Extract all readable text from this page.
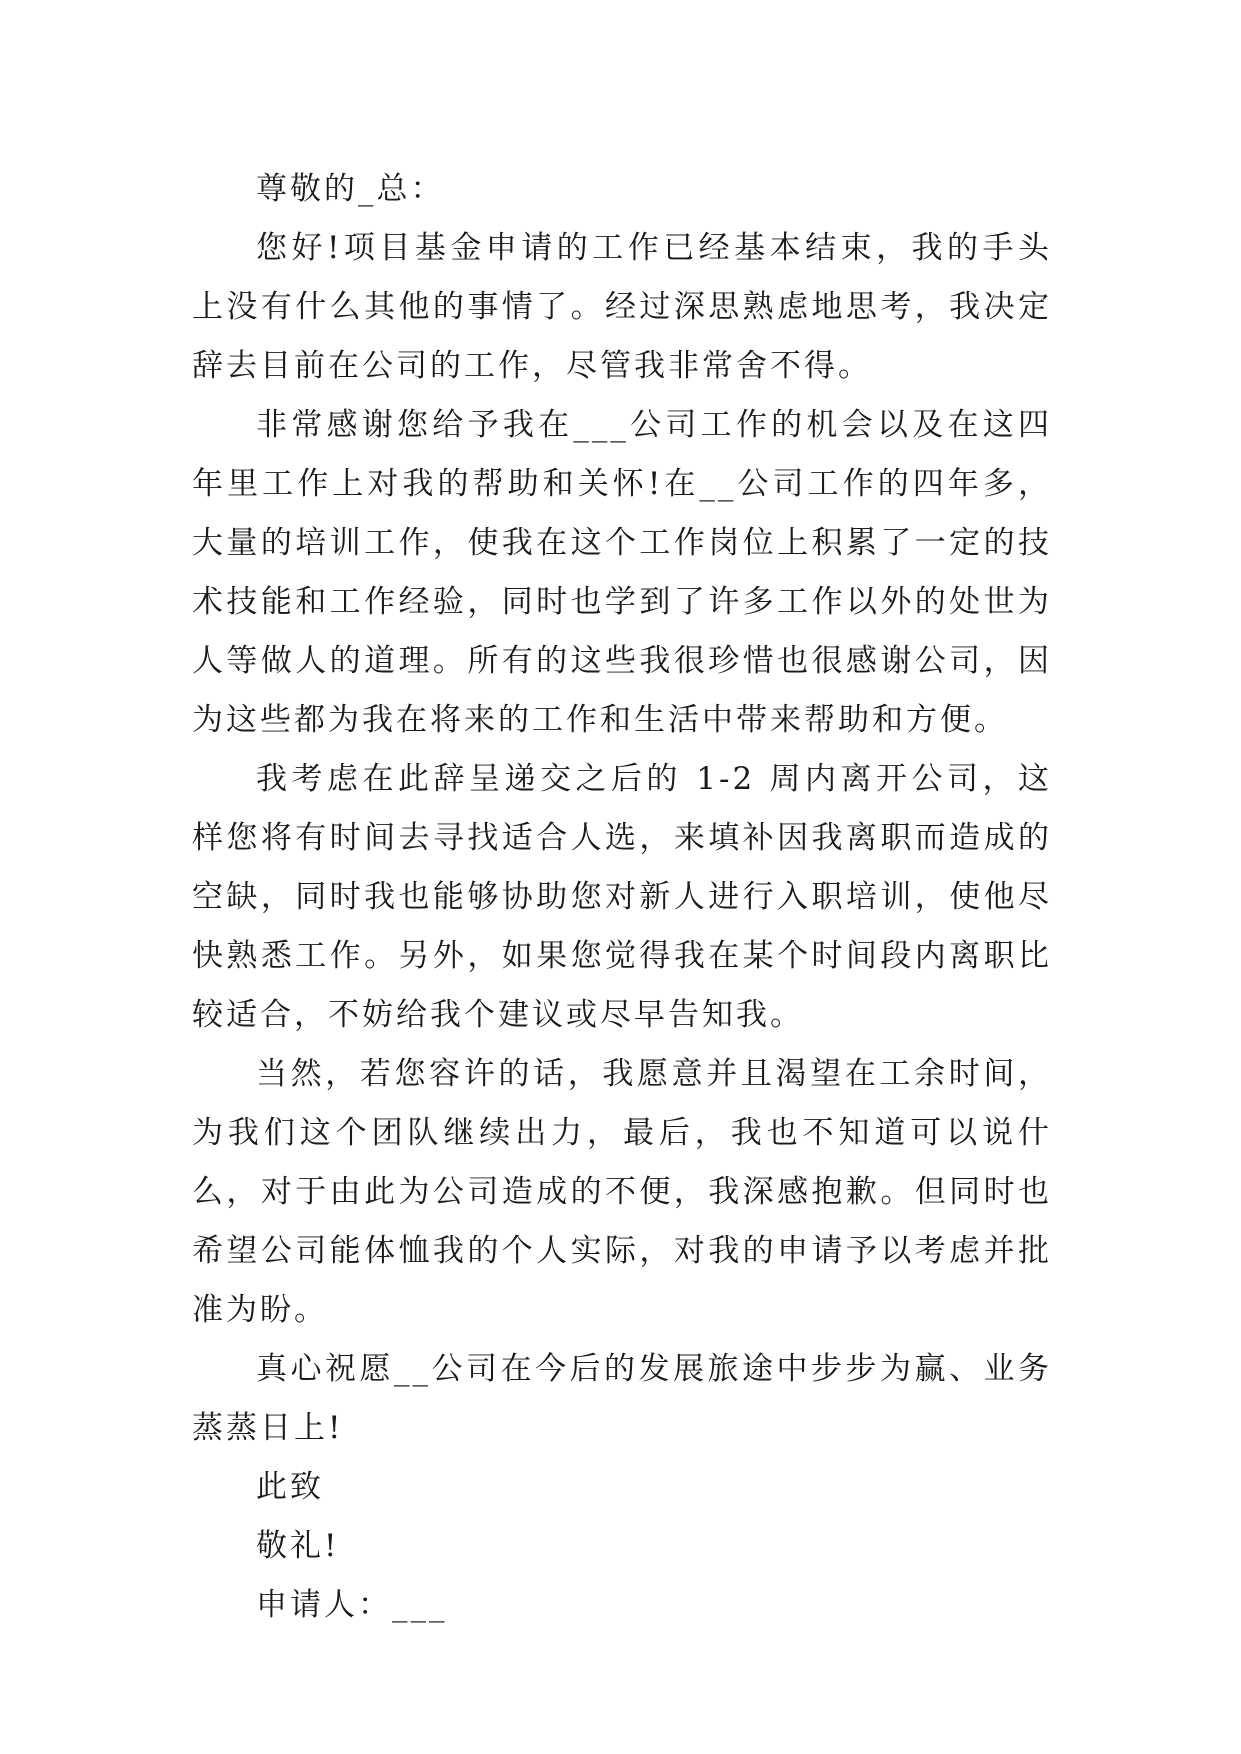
尊敬的_总：

您好!项目基金申请的工作已经基本结束，我的手头上没有什么其他的事情了。经过深思熟虑地思考，我决定辞去目前在公司的工作，尽管我非常舍不得。

非常感谢您给予我在___公司工作的机会以及在这四年里工作上对我的帮助和关怀!在__公司工作的四年多，大量的培训工作，使我在这个工作岗位上积累了一定的技术技能和工作经验，同时也学到了许多工作以外的处世为人等做人的道理。所有的这些我很珍惜也很感谢公司，因为这些都为我在将来的工作和生活中带来帮助和方便。

我考虑在此辞呈递交之后的 1-2 周内离开公司，这样您将有时间去寻找适合人选，来填补因我离职而造成的空缺，同时我也能够协助您对新人进行入职培训，使他尽快熟悉工作。另外，如果您觉得我在某个时间段内离职比较适合，不妨给我个建议或尽早告知我。

当然，若您容许的话，我愿意并且渴望在工余时间，为我们这个团队继续出力，最后，我也不知道可以说什么，对于由此为公司造成的不便，我深感抱歉。但同时也希望公司能体恤我的个人实际，对我的申请予以考虑并批准为盼。

真心祝愿__公司在今后的发展旅途中步步为赢、业务蒸蒸日上!

此致

敬礼!

申请人：___
